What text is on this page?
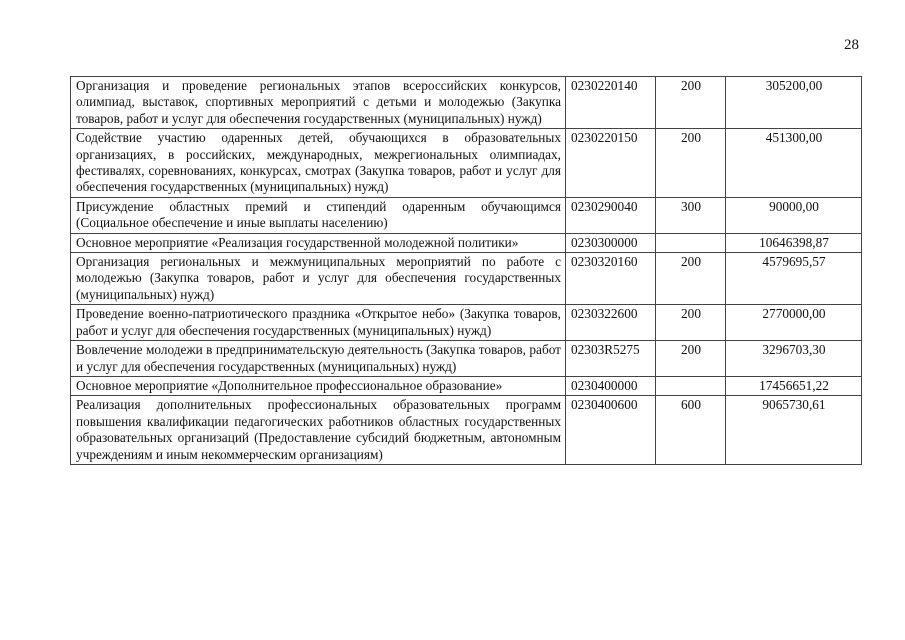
28
Организация и проведение региональных этапов всероссийских конкурсов, олимпиад, выставок, спортивных мероприятий с детьми и молодежью (Закупка товаров, работ и услуг для обеспечения государственных (муниципальных) нужд)	0230220140	200	305200,00
Содействие участию одаренных детей, обучающихся в образовательных организациях, в российских, международных, межрегиональных олимпиадах, фестивалях, соревнованиях, конкурсах, смотрах (Закупка товаров, работ и услуг для обеспечения государственных (муниципальных) нужд)	0230220150	200	451300,00
Присуждение областных премий и стипендий одаренным обучающимся (Социальное обеспечение и иные выплаты населению)	0230290040	300	90000,00
Основное мероприятие «Реализация государственной молодежной политики»	0230300000		10646398,87
Организация региональных и межмуниципальных мероприятий по работе с молодежью (Закупка товаров, работ и услуг для обеспечения государственных (муниципальных) нужд)	0230320160	200	4579695,57
Проведение военно-патриотического праздника «Открытое небо» (Закупка товаров, работ и услуг для обеспечения государственных (муниципальных) нужд)	0230322600	200	2770000,00
Вовлечение молодежи в предпринимательскую деятельность (Закупка товаров, работ и услуг для обеспечения государственных (муниципальных) нужд)	02303R5275	200	3296703,30
Основное мероприятие «Дополнительное профессиональное образование»	0230400000		17456651,22
Реализация дополнительных профессиональных образовательных программ повышения квалификации педагогических работников областных государственных образовательных организаций (Предоставление субсидий бюджетным, автономным учреждениям и иным некоммерческим организациям)	0230400600	600	9065730,61
